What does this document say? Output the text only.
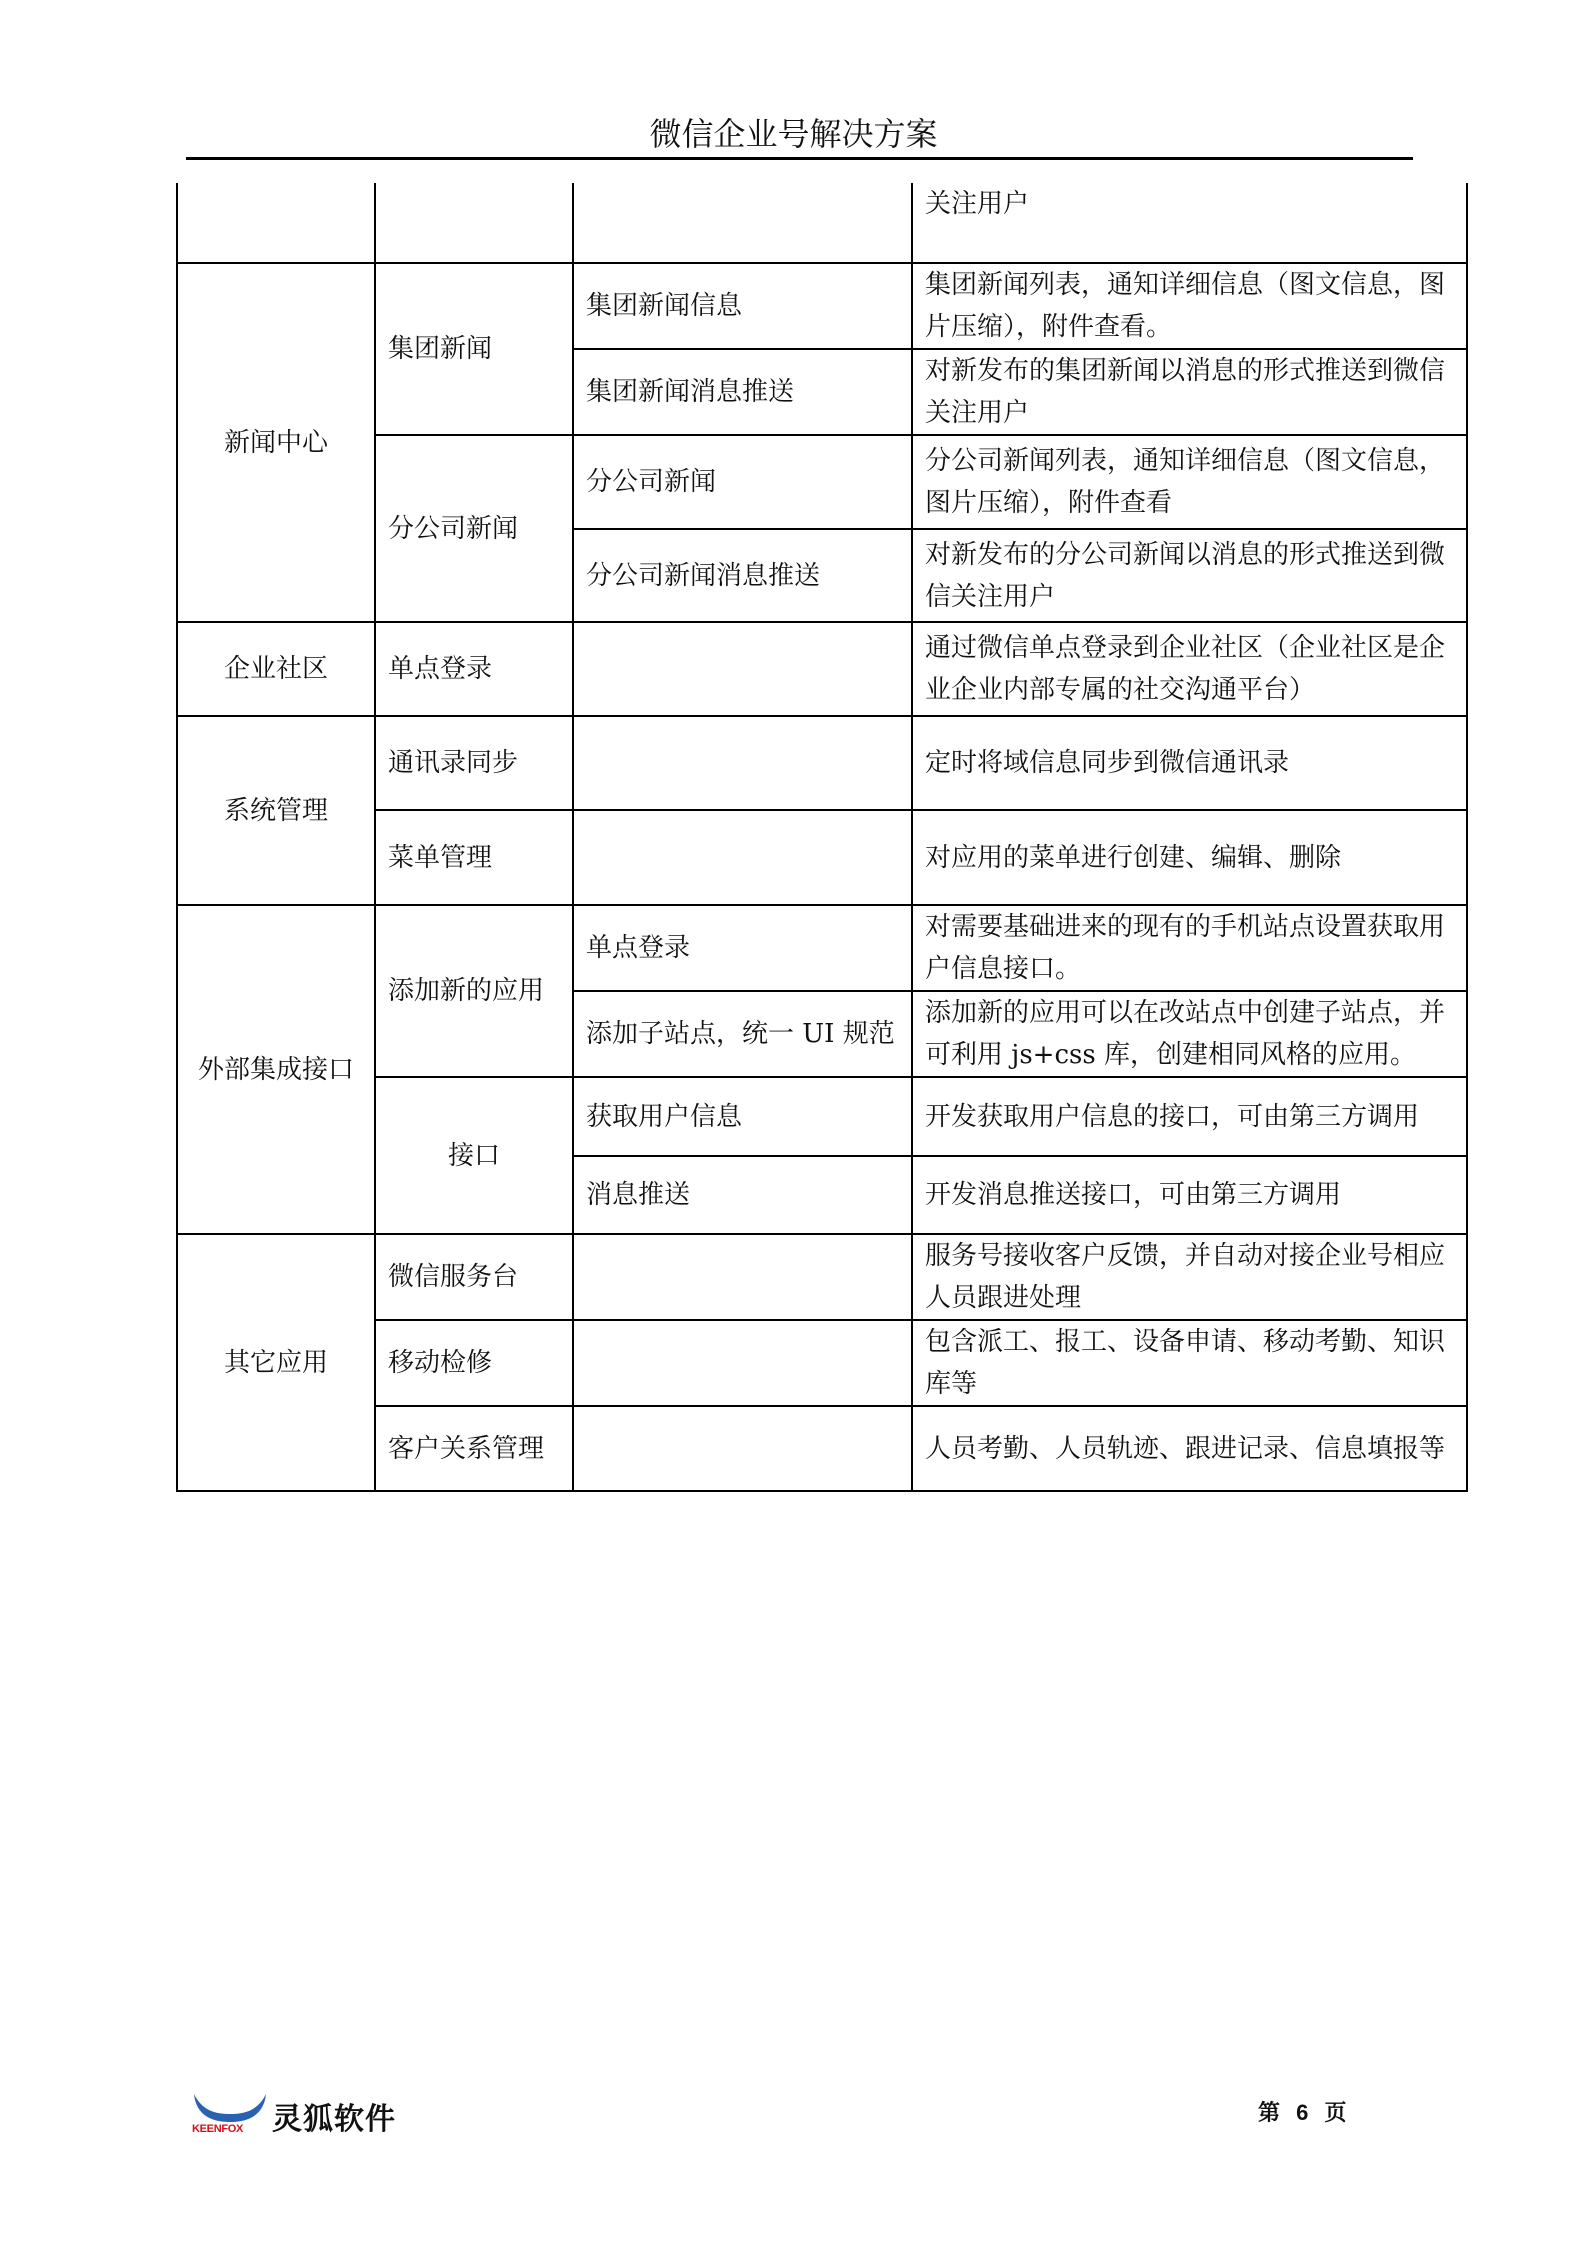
微信企业号解决方案
			关注用户
新闻中心	集团新闻	集团新闻信息	集团新闻列表，通知详细信息（图文信息，图片压缩），附件查看。
		集团新闻消息推送	对新发布的集团新闻以消息的形式推送到微信关注用户
	分公司新闻	分公司新闻	分公司新闻列表，通知详细信息（图文信息，图片压缩），附件查看
		分公司新闻消息推送	对新发布的分公司新闻以消息的形式推送到微信关注用户
企业社区	单点登录		通过微信单点登录到企业社区（企业社区是企业企业内部专属的社交沟通平台）
系统管理	通讯录同步		定时将域信息同步到微信通讯录
	菜单管理		对应用的菜单进行创建、编辑、删除
外部集成接口	添加新的应用	单点登录	对需要基础进来的现有的手机站点设置获取用户信息接口。
		添加子站点，统一 UI 规范	添加新的应用可以在改站点中创建子站点，并可利用 js+css 库，创建相同风格的应用。
	接口	获取用户信息	开发获取用户信息的接口，可由第三方调用
		消息推送	开发消息推送接口，可由第三方调用
其它应用	微信服务台		服务号接收客户反馈，并自动对接企业号相应人员跟进处理
	移动检修		包含派工、报工、设备申请、移动考勤、知识库等
	客户关系管理		人员考勤、人员轨迹、跟进记录、信息填报等
KEENFOX 灵狐软件	第 6 页
